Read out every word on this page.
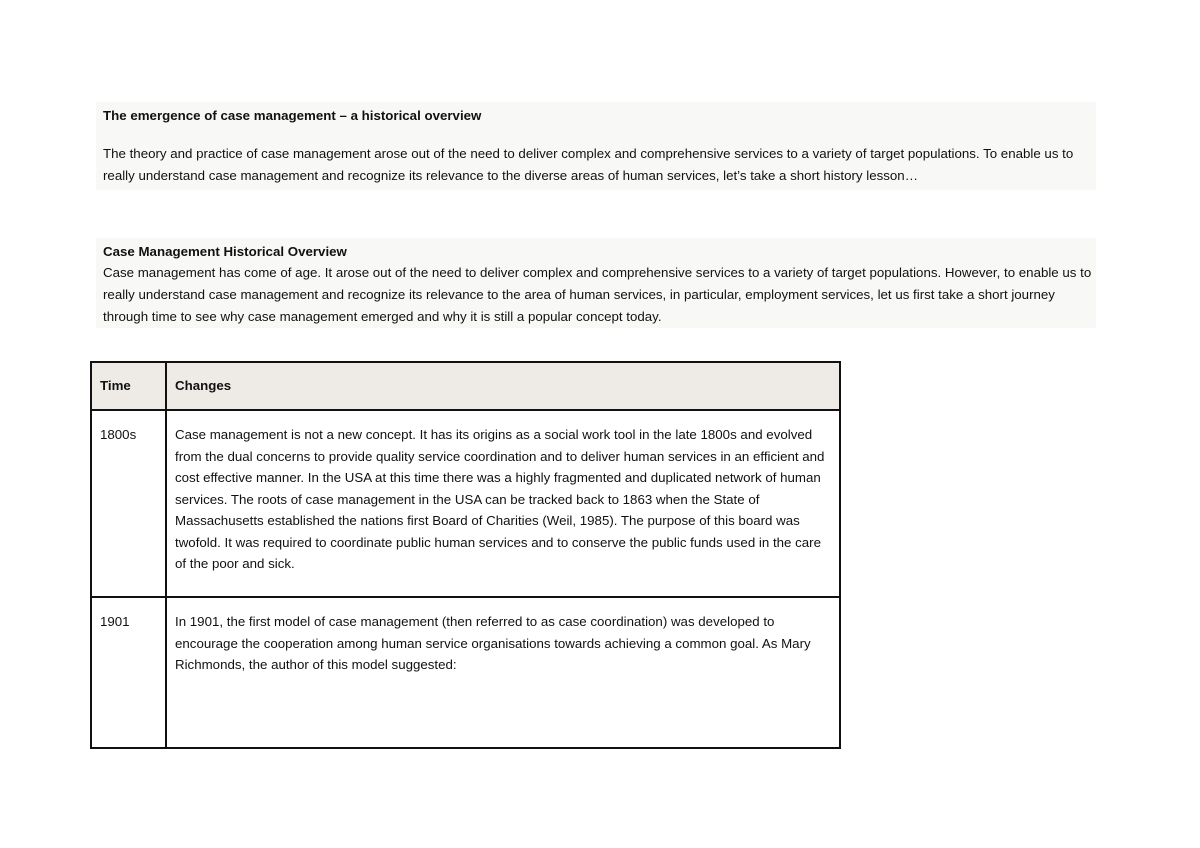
The emergence of case management – a historical overview

The theory and practice of case management arose out of the need to deliver complex and comprehensive services to a variety of target populations. To enable us to really understand case management and recognize its relevance to the diverse areas of human services, let’s take a short history lesson…

Case Management Historical Overview

Case management has come of age. It arose out of the need to deliver complex and comprehensive services to a variety of target populations. However, to enable us to really understand case management and recognize its relevance to the area of human services, in particular, employment services, let us first take a short journey through time to see why case management emerged and why it is still a popular concept today.

Time	Changes
1800s	Case management is not a new concept. It has its origins as a social work tool in the late 1800s and evolved from the dual concerns to provide quality service coordination and to deliver human services in an efficient and cost effective manner. In the USA at this time there was a highly fragmented and duplicated network of human services. The roots of case management in the USA can be tracked back to 1863 when the State of Massachusetts established the nations first Board of Charities (Weil, 1985). The purpose of this board was twofold. It was required to coordinate public human services and to conserve the public funds used in the care of the poor and sick.
1901	In 1901, the first model of case management (then referred to as case coordination) was developed to encourage the cooperation among human service organisations towards achieving a common goal. As Mary Richmonds, the author of this model suggested:
